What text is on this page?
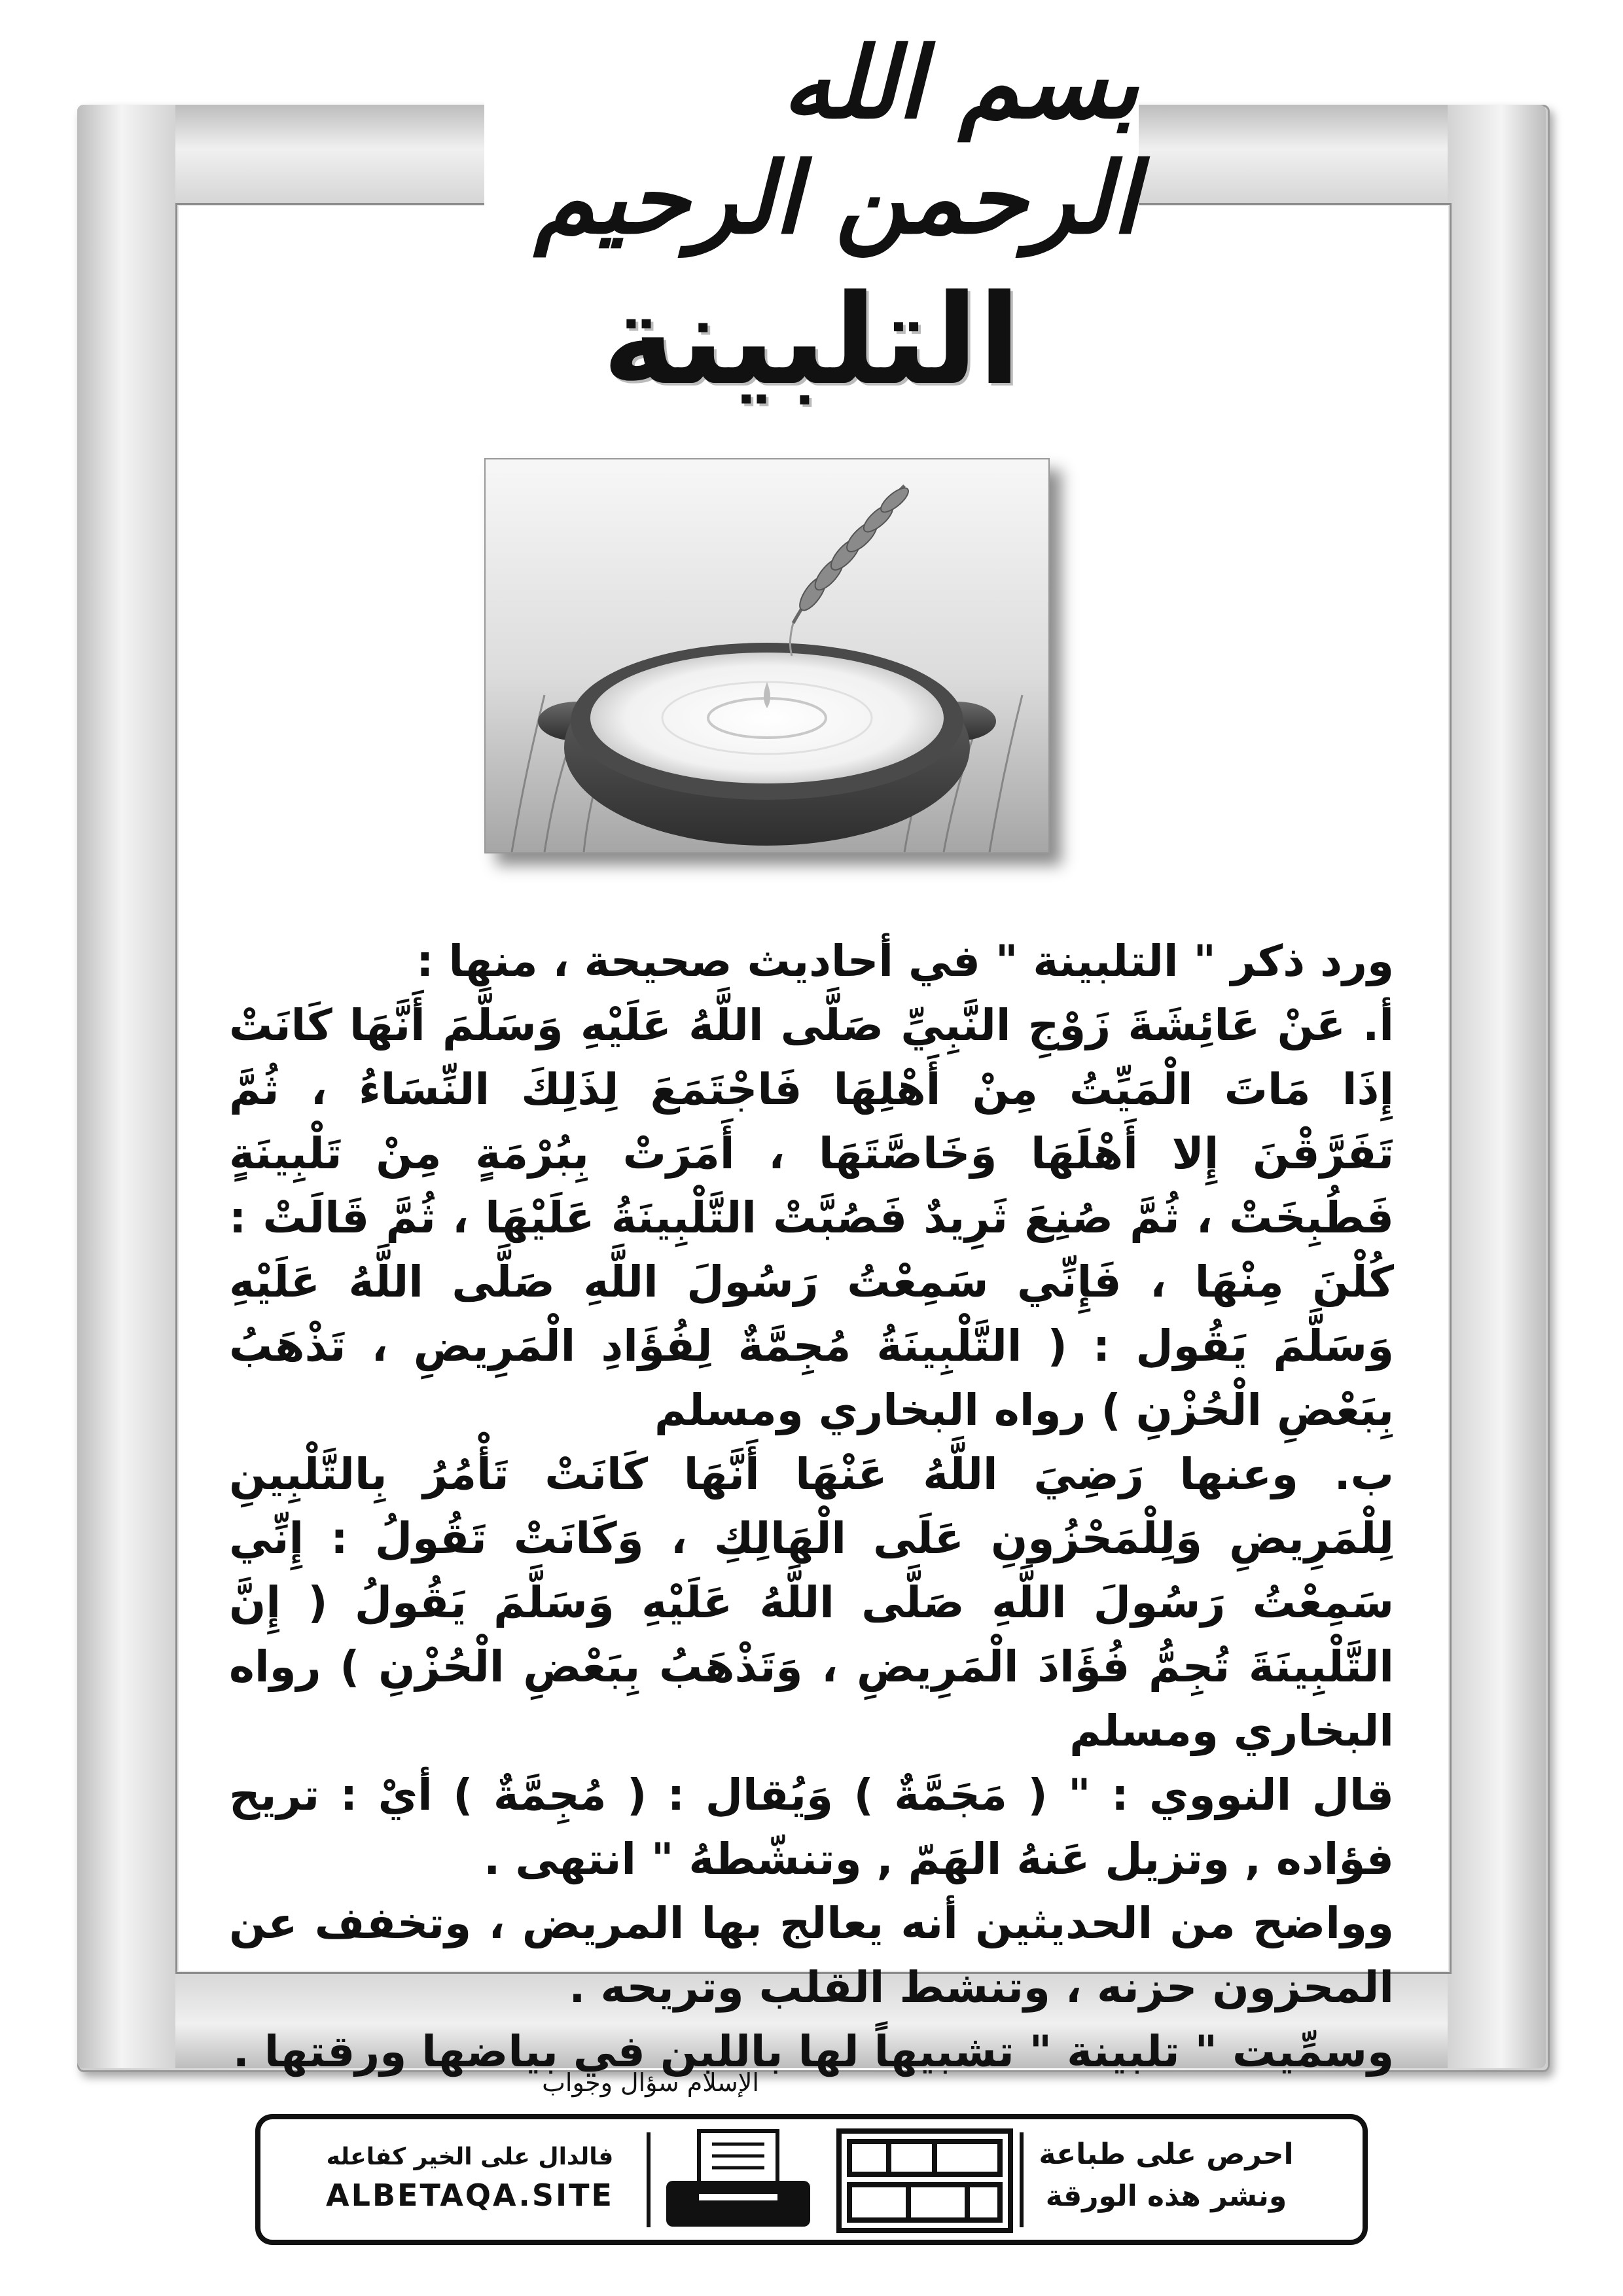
بسم الله الرحمن الرحيم
التلبينة

ورد ذكر " التلبينة " في أحاديث صحيحة ، منها :

أ. عَنْ عَائِشَةَ زَوْجِ النَّبِيِّ صَلَّى اللَّهُ عَلَيْهِ وَسَلَّمَ أَنَّهَا كَانَتْ إِذَا مَاتَ الْمَيِّتُ مِنْ أَهْلِهَا فَاجْتَمَعَ لِذَلِكَ النِّسَاءُ ، ثُمَّ تَفَرَّقْنَ إِلا أَهْلَهَا وَخَاصَّتَهَا ، أَمَرَتْ بِبُرْمَةٍ مِنْ تَلْبِينَةٍ فَطُبِخَتْ ، ثُمَّ صُنِعَ ثَرِيدٌ فَصُبَّتْ التَّلْبِينَةُ عَلَيْهَا ، ثُمَّ قَالَتْ : كُلْنَ مِنْهَا ، فَإِنِّي سَمِعْتُ رَسُولَ اللَّهِ صَلَّى اللَّهُ عَلَيْهِ وَسَلَّمَ يَقُول : ( التَّلْبِينَةُ مُجِمَّةٌ لِفُؤَادِ الْمَرِيضِ ، تَذْهَبُ بِبَعْضِ الْحُزْنِ ) رواه البخاري ومسلم

ب. وعنها رَضِيَ اللَّهُ عَنْهَا أَنَّهَا كَانَتْ تَأْمُرُ بِالتَّلْبِينِ لِلْمَرِيضِ وَلِلْمَحْزُونِ عَلَى الْهَالِكِ ، وَكَانَتْ تَقُولُ : إِنِّي سَمِعْتُ رَسُولَ اللَّهِ صَلَّى اللَّهُ عَلَيْهِ وَسَلَّمَ يَقُولُ ( إِنَّ التَّلْبِينَةَ تُجِمُّ فُؤَادَ الْمَرِيضِ ، وَتَذْهَبُ بِبَعْضِ الْحُزْنِ ) رواه البخاري ومسلم

قال النووي : " ( مَجَمَّةٌ ) وَيُقال : ( مُجِمَّةٌ ) أيْ : تريح فؤاده , وتزيل عَنهُ الهَمّ , وتنشّطهُ " انتهى .

وواضح من الحديثين أنه يعالج بها المريض ، وتخفف عن المحزون حزنه ، وتنشط القلب وتريحه .

وسمِّيت " تلبينة " تشبيهاً لها باللبن في بياضها ورقتها .

الإسلام سؤال وجواب
احرص على طباعة
ونشر هذه الورقة
فالدال على الخير كفاعله
ALBETAQA.SITE
